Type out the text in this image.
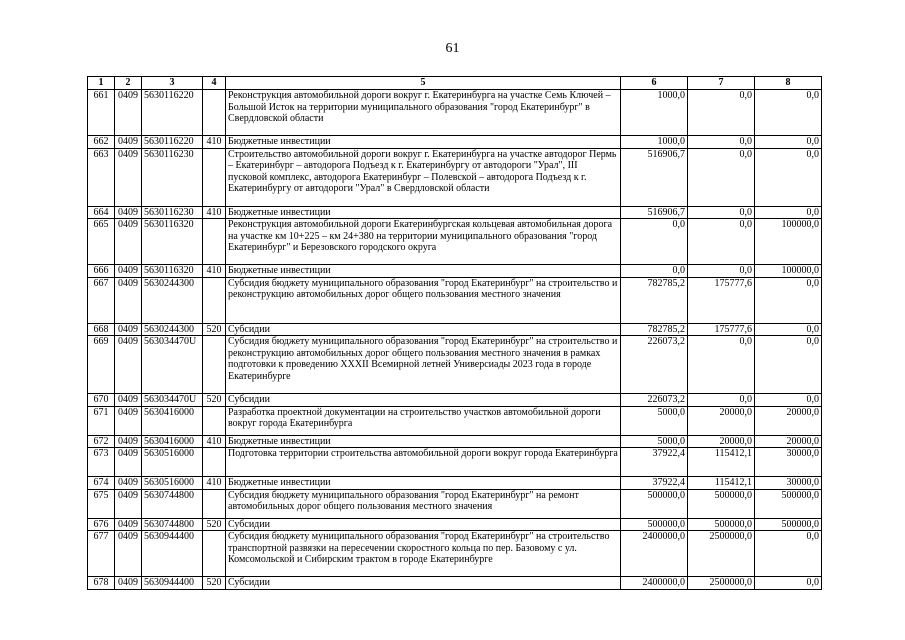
61
1	2	3	4	5	6	7	8
661	0409	5630116220		Реконструкция автомобильной дороги вокруг г. Екатеринбурга на участке Семь Ключей – Большой Исток на территории муниципального образования "город Екатеринбург" в Свердловской области	1000,0	0,0	0,0
662	0409	5630116220	410	Бюджетные инвестиции	1000,0	0,0	0,0
663	0409	5630116230		Строительство автомобильной дороги вокруг г. Екатеринбурга на участке автодорог Пермь – Екатеринбург – автодорога Подъезд к г. Екатеринбургу от автодороги "Урал", III пусковой комплекс, автодорога Екатеринбург – Полевской – автодорога Подъезд к г. Екатеринбургу от автодороги "Урал" в Свердловской области	516906,7	0,0	0,0
664	0409	5630116230	410	Бюджетные инвестиции	516906,7	0,0	0,0
665	0409	5630116320		Реконструкция автомобильной дороги Екатеринбургская кольцевая автомобильная дорога на участке км 10+225 – км 24+380 на территории муниципального образования "город Екатеринбург" и Березовского городского округа	0,0	0,0	100000,0
666	0409	5630116320	410	Бюджетные инвестиции	0,0	0,0	100000,0
667	0409	5630244300		Субсидия бюджету муниципального образования "город Екатеринбург" на строительство и реконструкцию автомобильных дорог общего пользования местного значения	782785,2	175777,6	0,0
668	0409	5630244300	520	Субсидии	782785,2	175777,6	0,0
669	0409	563034470U		Субсидия бюджету муниципального образования "город Екатеринбург" на строительство и реконструкцию автомобильных дорог общего пользования местного значения в рамках подготовки к проведению XXXII Всемирной летней Универсиады 2023 года в городе Екатеринбурге	226073,2	0,0	0,0
670	0409	563034470U	520	Субсидии	226073,2	0,0	0,0
671	0409	5630416000		Разработка проектной документации на строительство участков автомобильной дороги вокруг города Екатеринбурга	5000,0	20000,0	20000,0
672	0409	5630416000	410	Бюджетные инвестиции	5000,0	20000,0	20000,0
673	0409	5630516000		Подготовка территории строительства автомобильной дороги вокруг города Екатеринбурга	37922,4	115412,1	30000,0
674	0409	5630516000	410	Бюджетные инвестиции	37922,4	115412,1	30000,0
675	0409	5630744800		Субсидия бюджету муниципального образования "город Екатеринбург" на ремонт автомобильных дорог общего пользования местного значения	500000,0	500000,0	500000,0
676	0409	5630744800	520	Субсидии	500000,0	500000,0	500000,0
677	0409	5630944400		Субсидия бюджету муниципального образования "город Екатеринбург" на строительство транспортной развязки на пересечении скоростного кольца по пер. Базовому с ул. Комсомольской и Сибирским трактом в городе Екатеринбурге	2400000,0	2500000,0	0,0
678	0409	5630944400	520	Субсидии	2400000,0	2500000,0	0,0
